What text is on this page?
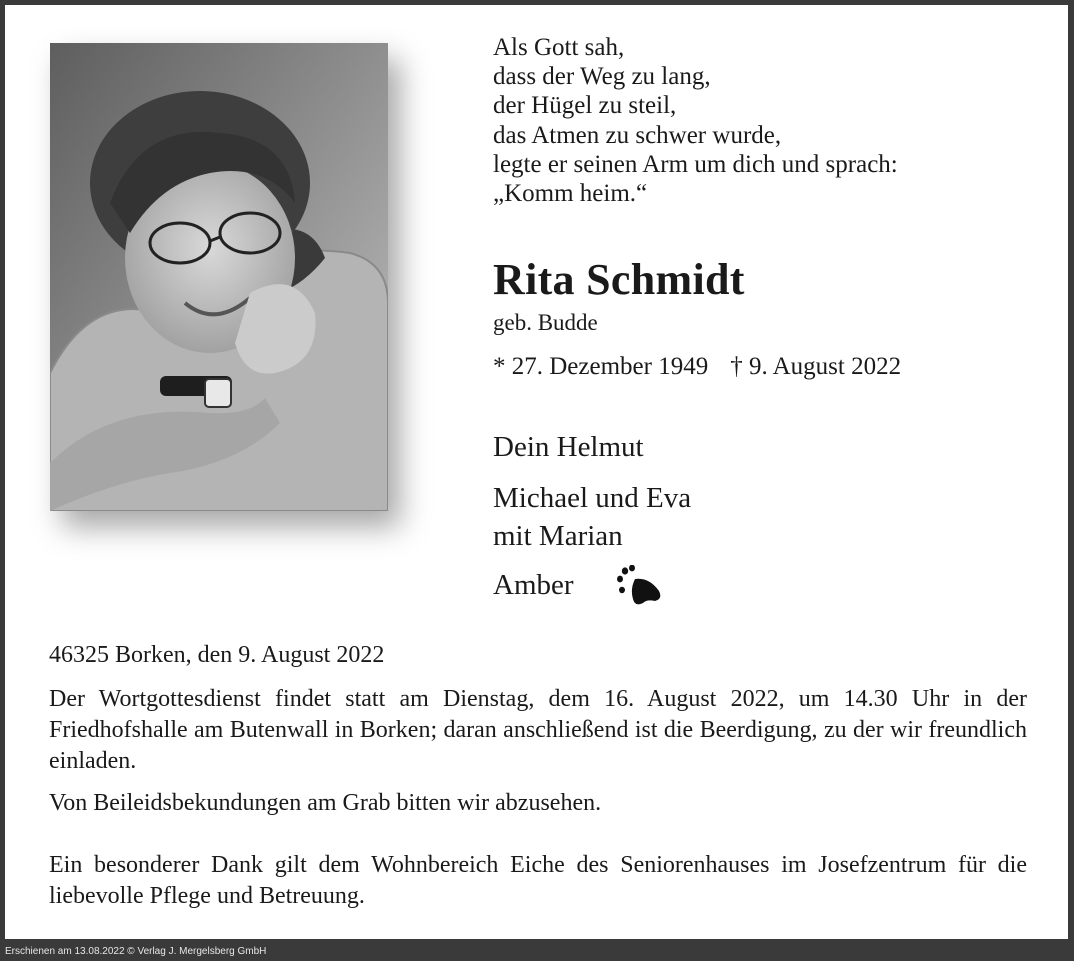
Als Gott sah,
dass der Weg zu lang,
der Hügel zu steil,
das Atmen zu schwer wurde,
legte er seinen Arm um dich und sprach:
„Komm heim.“
Rita Schmidt
geb. Budde
* 27. Dezember 1949 † 9. August 2022
Dein Helmut
Michael und Eva
mit Marian
Amber
46325 Borken, den 9. August 2022
Der Wortgottesdienst findet statt am Dienstag, dem 16. August 2022, um 14.30 Uhr in der Friedhofshalle am Butenwall in Borken; daran anschließend ist die Beerdigung, zu der wir freundlich einladen.
Von Beileidsbekundungen am Grab bitten wir abzusehen.
Ein besonderer Dank gilt dem Wohnbereich Eiche des Seniorenhauses im Josefzentrum für die liebevolle Pflege und Betreuung.
Erschienen am 13.08.2022 © Verlag J. Mergelsberg GmbH
